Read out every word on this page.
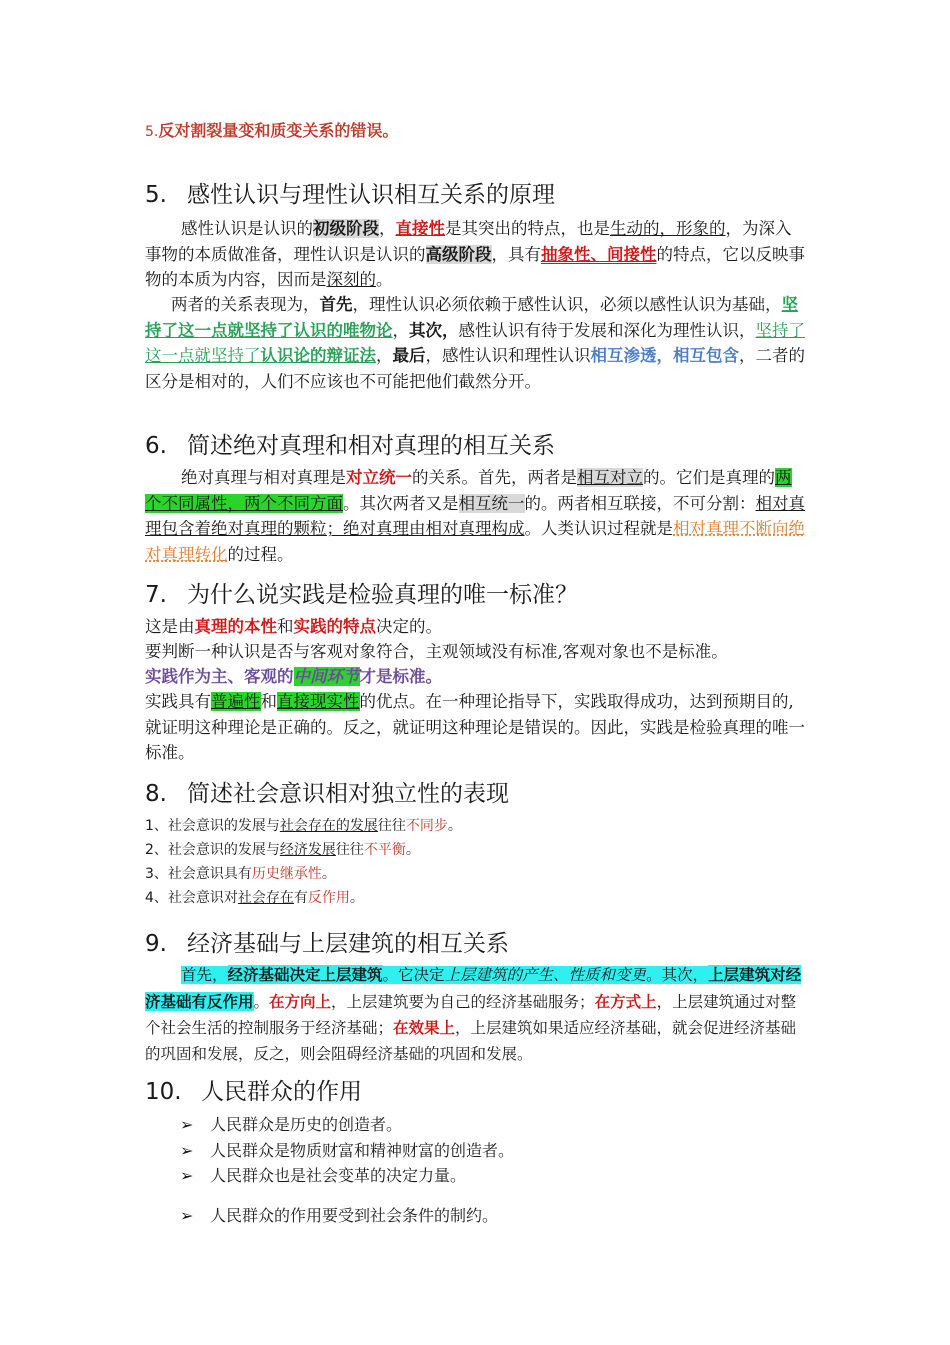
5.反对割裂量变和质变关系的错误。
5. 感性认识与理性认识相互关系的原理
感性认识是认识的初级阶段，直接性是其突出的特点，也是生动的，形象的，为深入事物的本质做准备，理性认识是认识的高级阶段，具有抽象性、间接性的特点，它以反映事物的本质为内容，因而是深刻的。
两者的关系表现为，首先，理性认识必须依赖于感性认识，必须以感性认识为基础，坚持了这一点就坚持了认识的唯物论，其次，感性认识有待于发展和深化为理性认识，坚持了这一点就坚持了认识论的辩证法，最后，感性认识和理性认识相互渗透，相互包含，二者的区分是相对的，人们不应该也不可能把他们截然分开。
6. 简述绝对真理和相对真理的相互关系
绝对真理与相对真理是对立统一的关系。首先，两者是相互对立的。它们是真理的两个不同属性，两个不同方面。其次两者又是相互统一的。两者相互联接，不可分割：相对真理包含着绝对真理的颗粒；绝对真理由相对真理构成。人类认识过程就是相对真理不断向绝对真理转化的过程。
7. 为什么说实践是检验真理的唯一标准？
这是由真理的本性和实践的特点决定的。
要判断一种认识是否与客观对象符合，主观领域没有标准,客观对象也不是标准。
实践作为主、客观的中间环节才是标准。
实践具有普遍性和直接现实性的优点。在一种理论指导下，实践取得成功，达到预期目的,就证明这种理论是正确的。反之，就证明这种理论是错误的。因此，实践是检验真理的唯一标准。
8. 简述社会意识相对独立性的表现
1、社会意识的发展与社会存在的发展往往不同步。
2、社会意识的发展与经济发展往往不平衡。
3、社会意识具有历史继承性。
4、社会意识对社会存在有反作用。
9. 经济基础与上层建筑的相互关系
首先，经济基础决定上层建筑。它决定上层建筑的产生、性质和变更。其次，上层建筑对经济基础有反作用。在方向上，上层建筑要为自己的经济基础服务；在方式上，上层建筑通过对整个社会生活的控制服务于经济基础；在效果上，上层建筑如果适应经济基础，就会促进经济基础的巩固和发展，反之，则会阻碍经济基础的巩固和发展。
10. 人民群众的作用
➢ 人民群众是历史的创造者。
➢ 人民群众是物质财富和精神财富的创造者。
➢ 人民群众也是社会变革的决定力量。
➢ 人民群众的作用要受到社会条件的制约。
